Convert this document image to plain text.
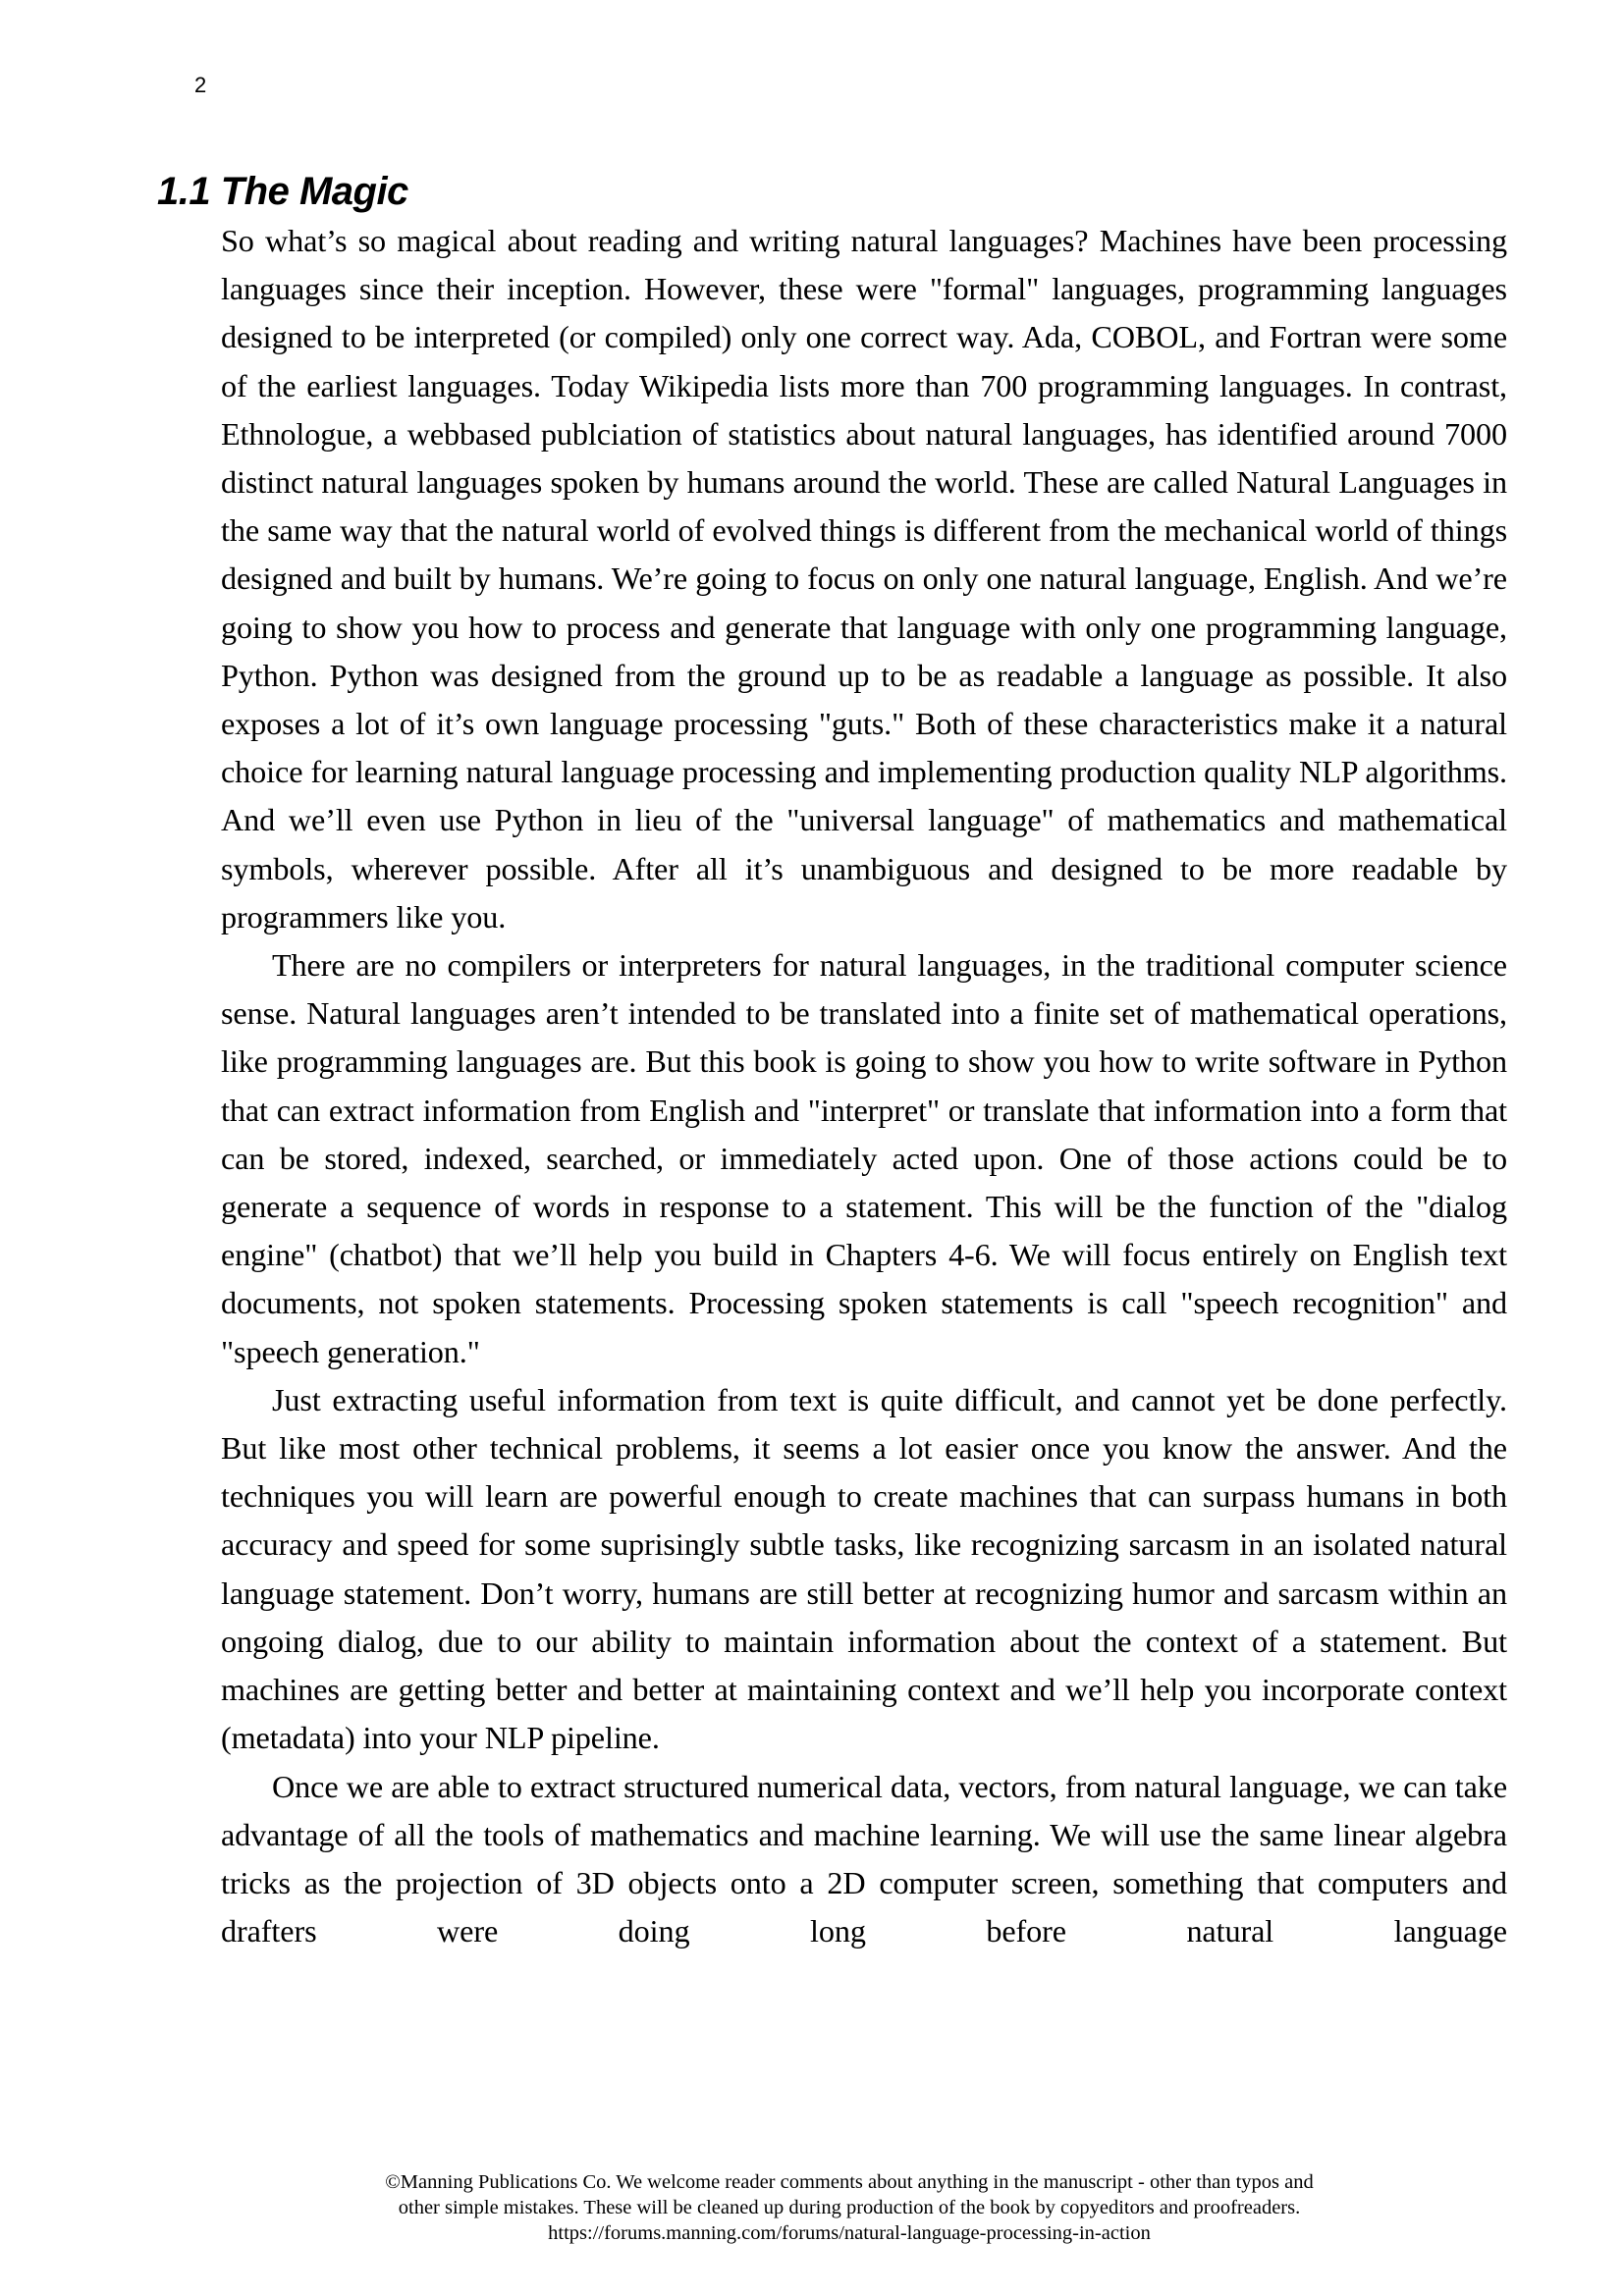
2
1.1 The Magic

So what’s so magical about reading and writing natural languages? Machines have been processing languages since their inception. However, these were "formal" languages, programming languages designed to be interpreted (or compiled) only one correct way. Ada, COBOL, and Fortran were some of the earliest languages. Today Wikipedia lists more than 700 programming languages. In contrast, Ethnologue, a webbased publciation of statistics about natural languages, has identified around 7000 distinct natural languages spoken by humans around the world. These are called Natural Languages in the same way that the natural world of evolved things is different from the mechanical world of things designed and built by humans. We’re going to focus on only one natural language, English. And we’re going to show you how to process and generate that language with only one programming language, Python. Python was designed from the ground up to be as readable a language as possible. It also exposes a lot of it’s own language processing "guts." Both of these characteristics make it a natural choice for learning natural language processing and implementing production quality NLP algorithms. And we’ll even use Python in lieu of the "universal language" of mathematics and mathematical symbols, wherever possible. After all it’s unambiguous and designed to be more readable by programmers like you.

There are no compilers or interpreters for natural languages, in the traditional computer science sense. Natural languages aren’t intended to be translated into a finite set of mathematical operations, like programming languages are. But this book is going to show you how to write software in Python that can extract information from English and "interpret" or translate that information into a form that can be stored, indexed, searched, or immediately acted upon. One of those actions could be to generate a sequence of words in response to a statement. This will be the function of the "dialog engine" (chatbot) that we’ll help you build in Chapters 4-6. We will focus entirely on English text documents, not spoken statements. Processing spoken statements is call "speech recognition" and "speech generation."

Just extracting useful information from text is quite difficult, and cannot yet be done perfectly. But like most other technical problems, it seems a lot easier once you know the answer. And the techniques you will learn are powerful enough to create machines that can surpass humans in both accuracy and speed for some suprisingly subtle tasks, like recognizing sarcasm in an isolated natural language statement. Don’t worry, humans are still better at recognizing humor and sarcasm within an ongoing dialog, due to our ability to maintain information about the context of a statement. But machines are getting better and better at maintaining context and we’ll help you incorporate context (metadata) into your NLP pipeline.

Once we are able to extract structured numerical data, vectors, from natural language, we can take advantage of all the tools of mathematics and machine learning. We will use the same linear algebra tricks as the projection of 3D objects onto a 2D computer screen, something that computers and drafters were doing long before natural language

©Manning Publications Co. We welcome reader comments about anything in the manuscript - other than typos and
other simple mistakes. These will be cleaned up during production of the book by copyeditors and proofreaders.
https://forums.manning.com/forums/natural-language-processing-in-action
